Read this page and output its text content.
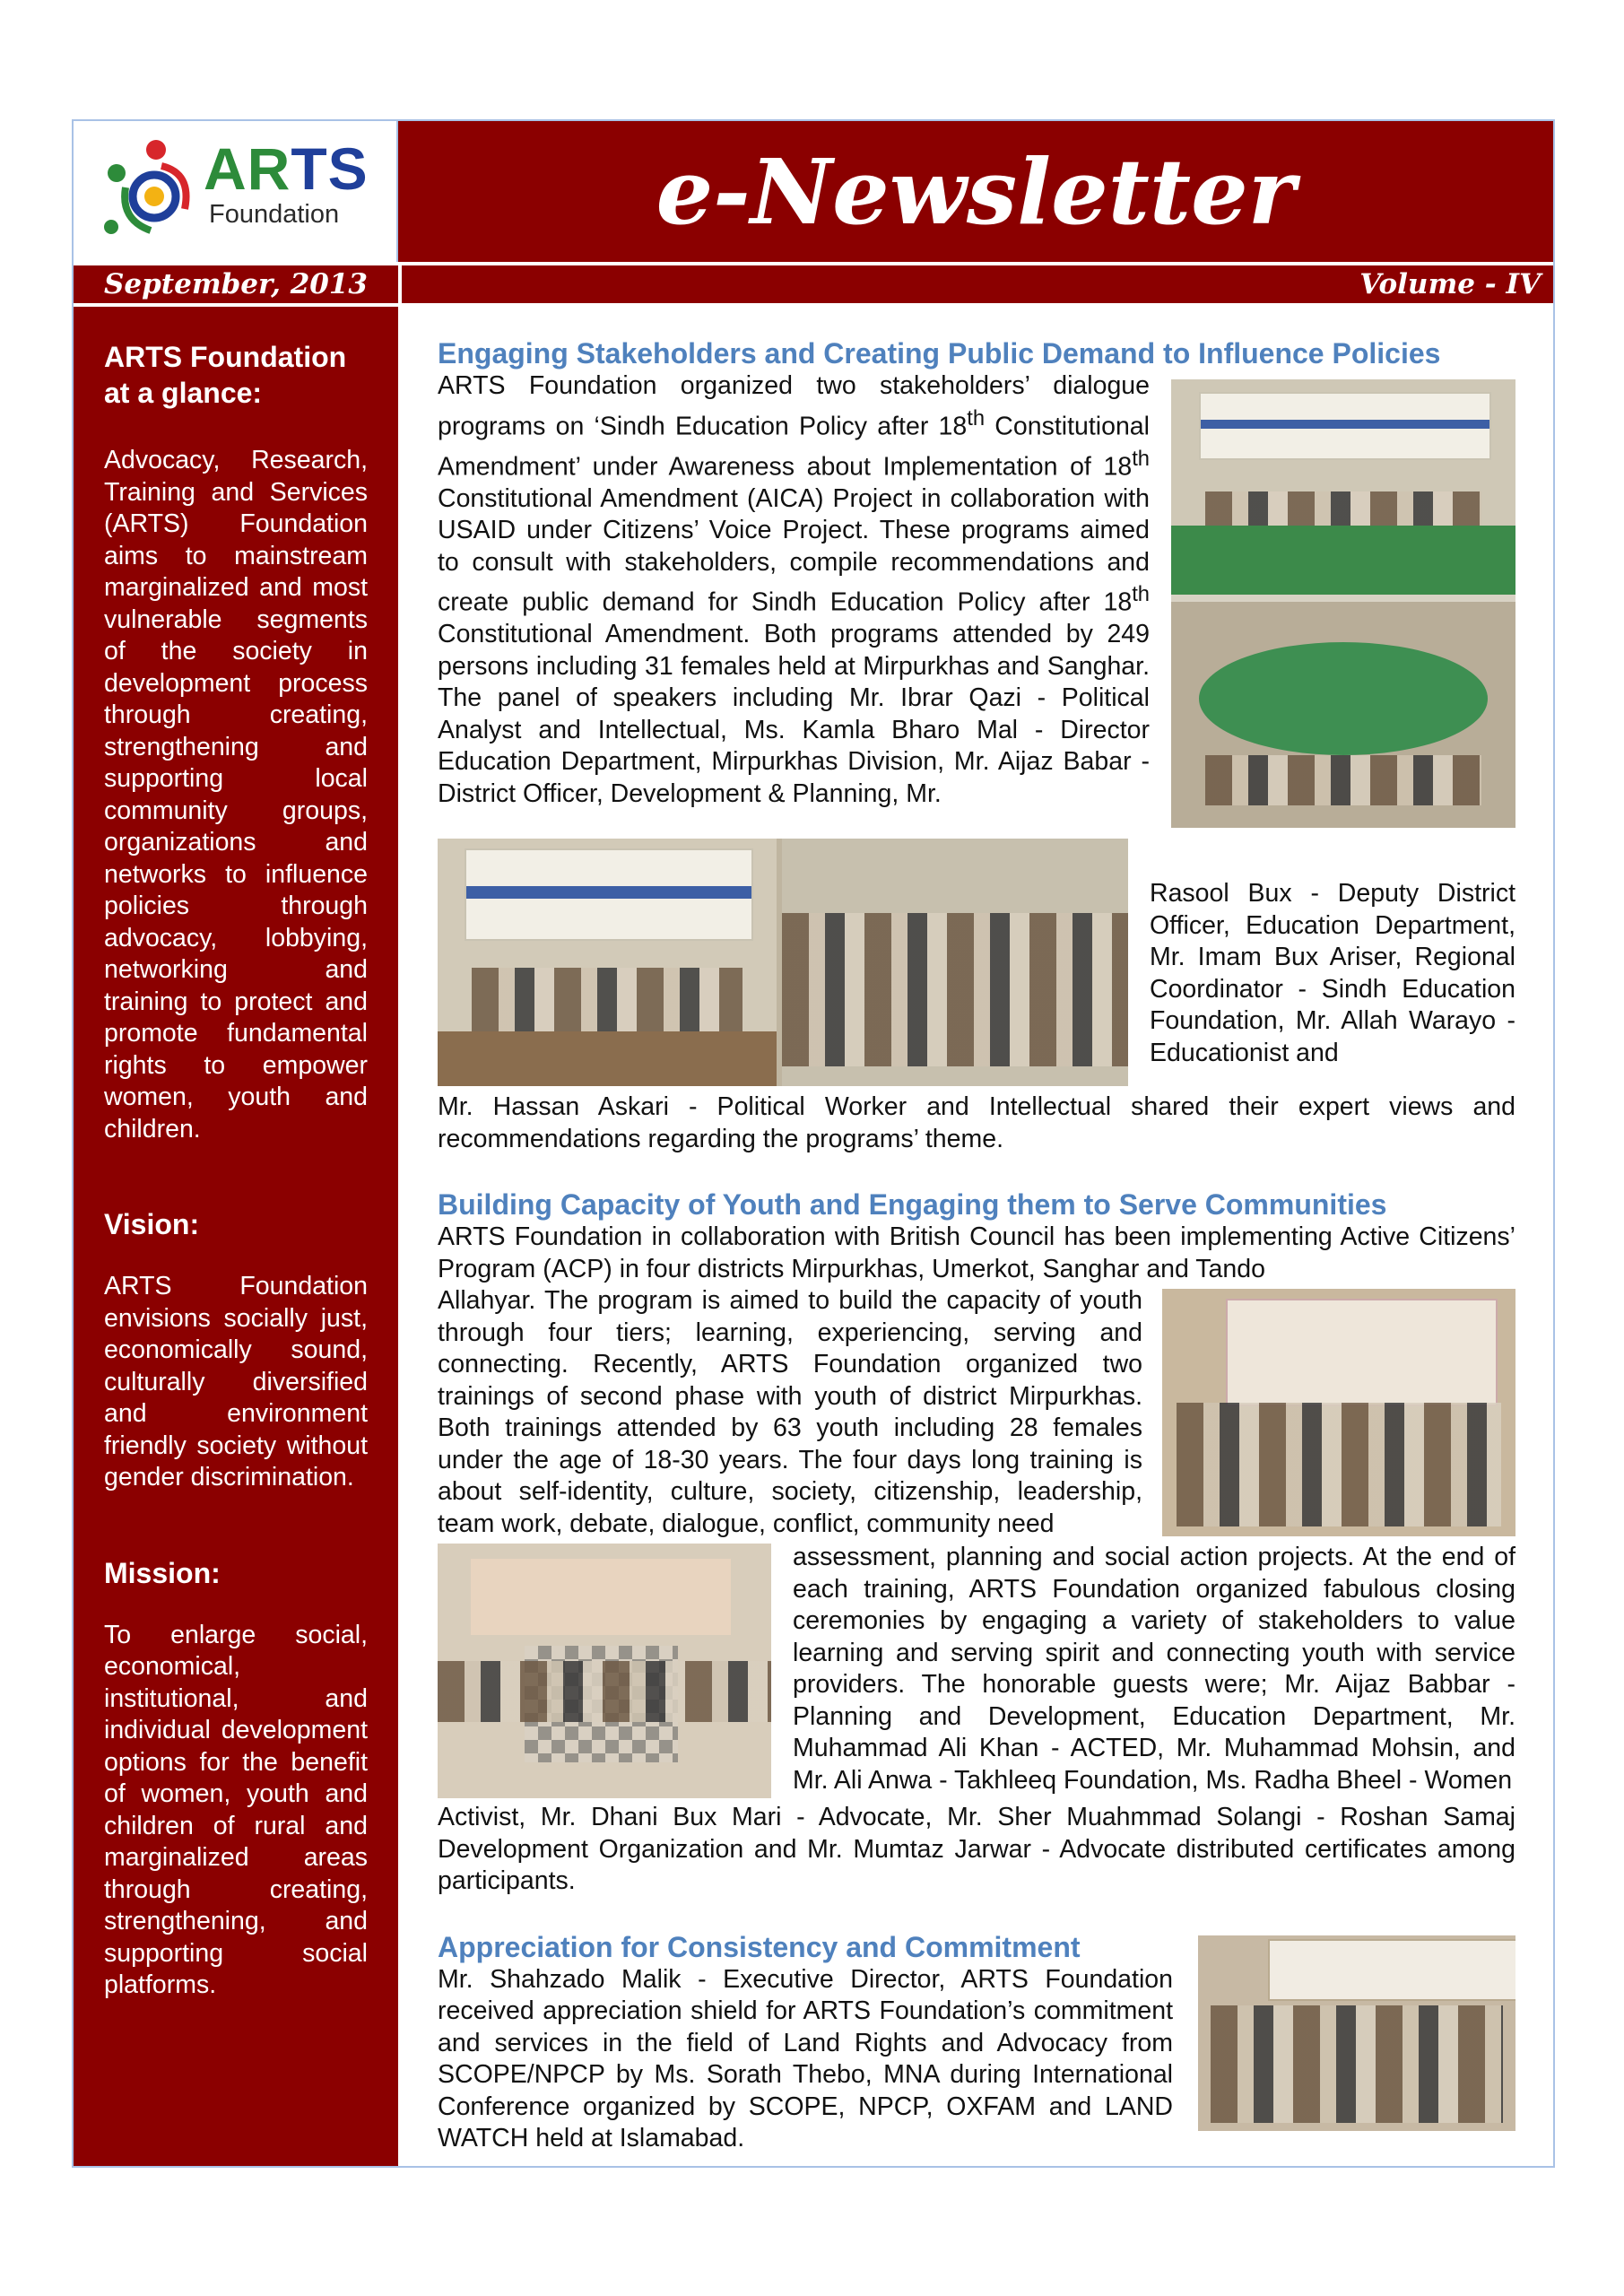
ARTS
Foundation	e-Newsletter
September, 2013	Volume - IV

ARTS Foundation at a glance:

Advocacy, Research, Training and Services (ARTS) Foundation aims to mainstream marginalized and most vulnerable segments of the society in development process through creating, strengthening and supporting local community groups, organizations and networks to influence policies through advocacy, lobbying, networking and training to protect and promote fundamental rights to empower women, youth and children.

Vision:

ARTS Foundation envisions socially just, economically sound, culturally diversified and environment friendly society without gender discrimination.

Mission:

To enlarge social, economical, institutional, and individual development options for the benefit of women, youth and children of rural and marginalized areas through creating, strengthening, and supporting social platforms.

Engaging Stakeholders and Creating Public Demand to Influence Policies

ARTS Foundation organized two stakeholders’ dialogue programs on ‘Sindh Education Policy after 18th Constitutional Amendment’ under Awareness about Implementation of 18th Constitutional Amendment (AICA) Project in collaboration with USAID under Citizens’ Voice Project. These programs aimed to consult with stakeholders, compile recommendations and create public demand for Sindh Education Policy after 18th Constitutional Amendment. Both programs attended by 249 persons including 31 females held at Mirpurkhas and Sanghar. The panel of speakers including Mr. Ibrar Qazi - Political Analyst and Intellectual, Ms. Kamla Bharo Mal - Director Education Department, Mirpurkhas Division, Mr. Aijaz Babar - District Officer, Development & Planning, Mr.

Rasool Bux - Deputy District Officer, Education Department, Mr. Imam Bux Ariser, Regional Coordinator - Sindh Education Foundation, Mr. Allah Warayo - Educationist and

Mr. Hassan Askari - Political Worker and Intellectual shared their expert views and recommendations regarding the programs’ theme.

Building Capacity of Youth and Engaging them to Serve Communities

ARTS Foundation in collaboration with British Council has been implementing Active Citizens’ Program (ACP) in four districts Mirpurkhas, Umerkot, Sanghar and Tando

Allahyar. The program is aimed to build the capacity of youth through four tiers; learning, experiencing, serving and connecting. Recently, ARTS Foundation organized two trainings of second phase with youth of district Mirpurkhas. Both trainings attended by 63 youth including 28 females under the age of 18-30 years. The four days long training is about self-identity, culture, society, citizenship, leadership, team work, debate, dialogue, conflict, community need

assessment, planning and social action projects. At the end of each training, ARTS Foundation organized fabulous closing ceremonies by engaging a variety of stakeholders to value learning and serving spirit and connecting youth with service providers. The honorable guests were; Mr. Aijaz Babbar - Planning and Development, Education Department, Mr. Muhammad Ali Khan - ACTED, Mr. Muhammad Mohsin, and Mr. Ali Anwa - Takhleeq Foundation, Ms. Radha Bheel - Women

Activist, Mr. Dhani Bux Mari - Advocate, Mr. Sher Muahmmad Solangi - Roshan Samaj Development Organization and Mr. Mumtaz Jarwar - Advocate distributed certificates among participants.

Appreciation for Consistency and Commitment

Mr. Shahzado Malik - Executive Director, ARTS Foundation received appreciation shield for ARTS Foundation’s commitment and services in the field of Land Rights and Advocacy from SCOPE/NPCP by Ms. Sorath Thebo, MNA during International Conference organized by SCOPE, NPCP, OXFAM and LAND WATCH held at Islamabad.
